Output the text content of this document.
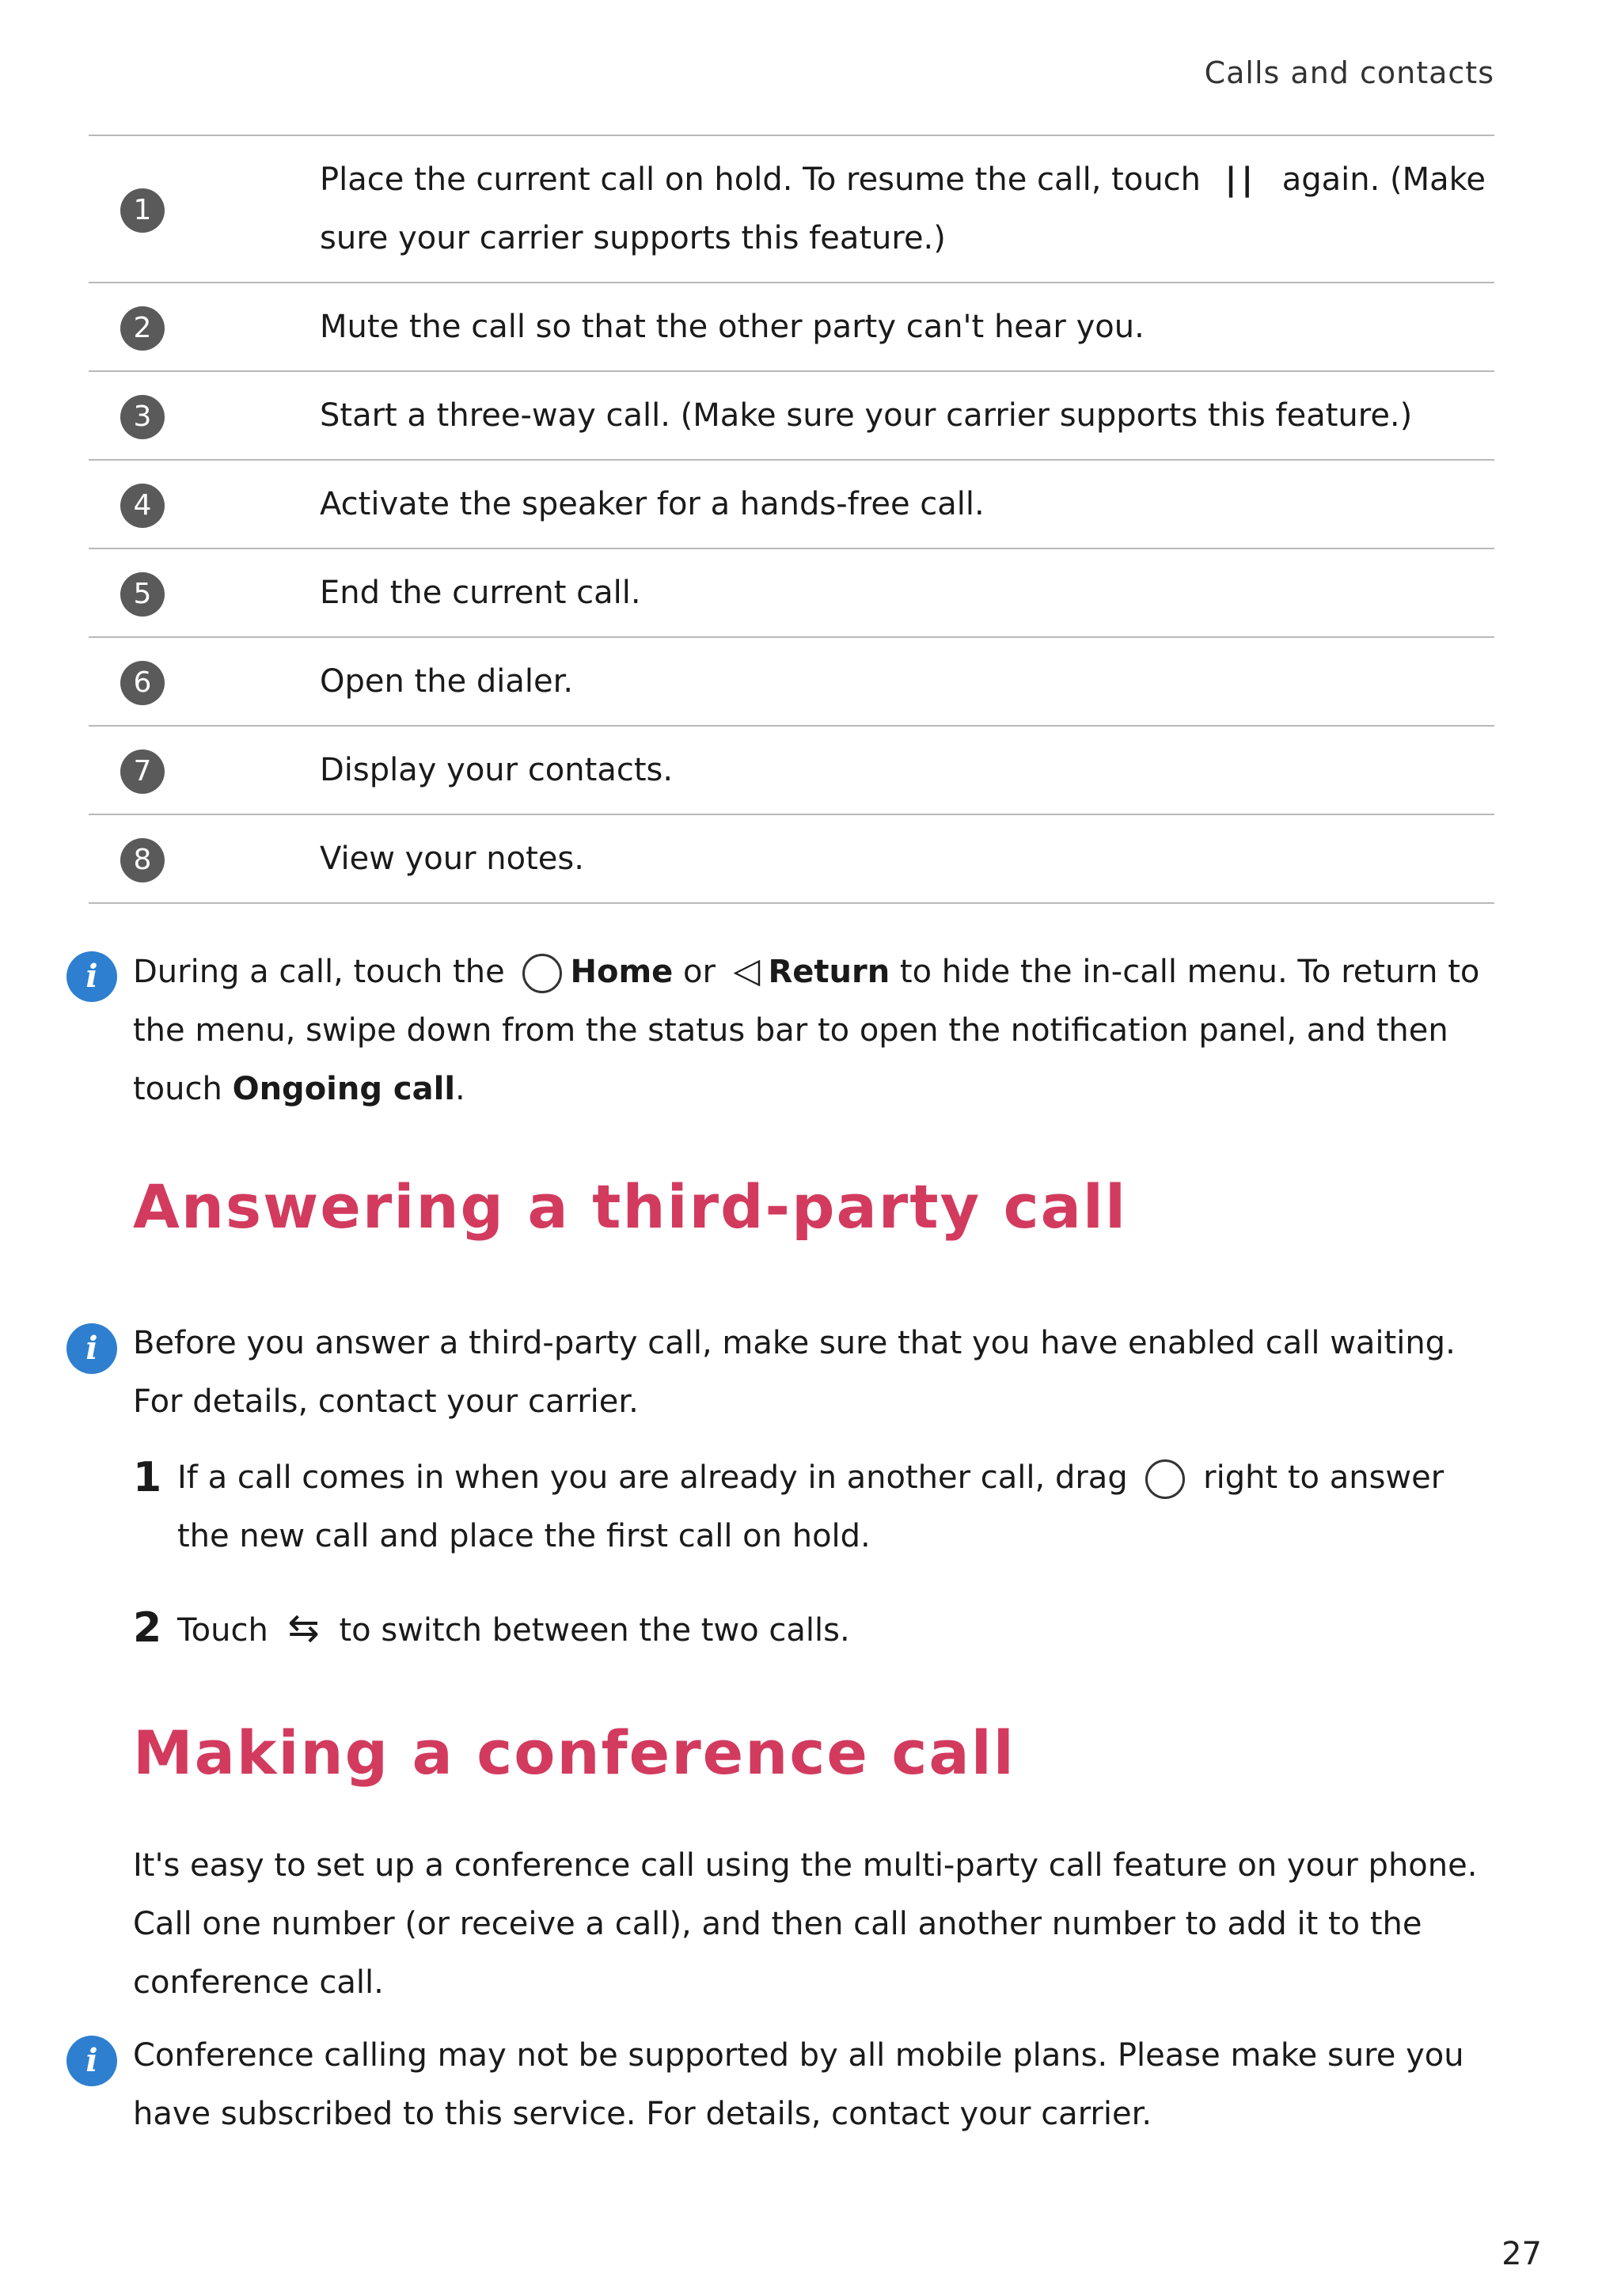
Calls and contacts
1	Place the current call on hold. To resume the call, touch || again. (Make sure your carrier supports this feature.)
2	Mute the call so that the other party can't hear you.
3	Start a three-way call. (Make sure your carrier supports this feature.)
4	Activate the speaker for a hands-free call.
5	End the current call.
6	Open the dialer.
7	Display your contacts.
8	View your notes.
i	During a call, touch the Home or ◁ Return to hide the in-call menu. To return to the menu, swipe down from the status bar to open the notification panel, and then touch Ongoing call.
Answering a third-party call
i	Before you answer a third-party call, make sure that you have enabled call waiting. For details, contact your carrier.
1 If a call comes in when you are already in another call, drag right to answer the new call and place the first call on hold.
2 Touch ⇆ to switch between the two calls.
Making a conference call
It's easy to set up a conference call using the multi-party call feature on your phone. Call one number (or receive a call), and then call another number to add it to the conference call.
i	Conference calling may not be supported by all mobile plans. Please make sure you have subscribed to this service. For details, contact your carrier.
27
